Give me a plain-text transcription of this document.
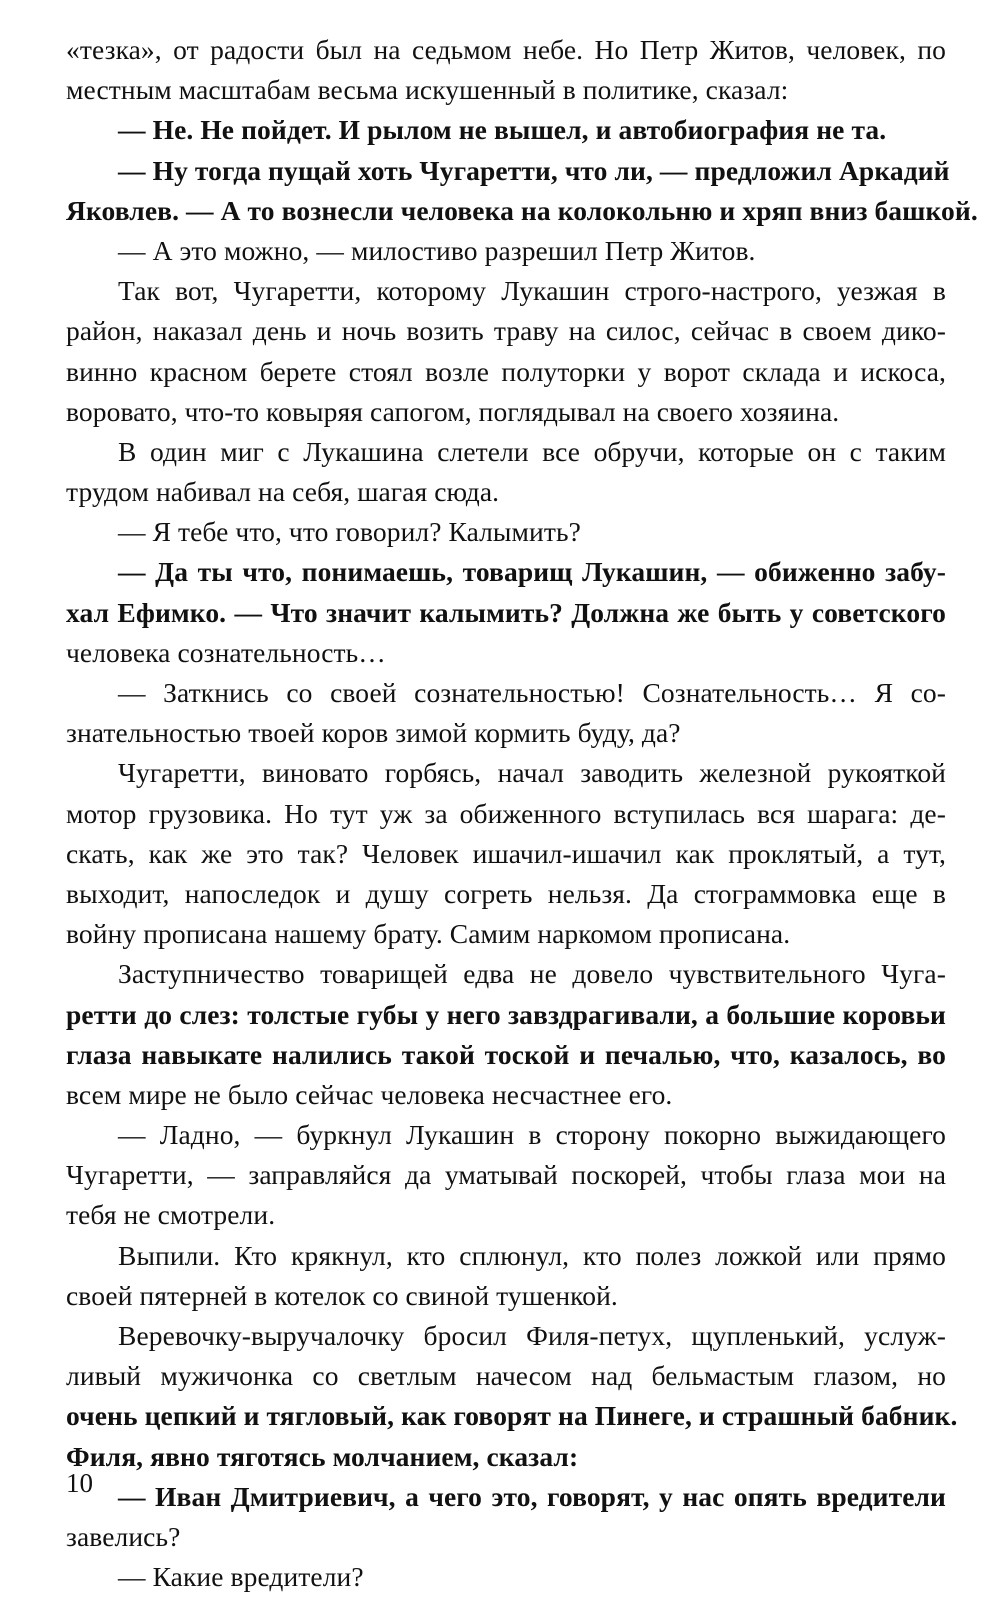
«тезка», от радости был на седьмом небе. Но Петр Житов, человек, по
местным масштабам весьма искушенный в политике, сказал:
— Не. Не пойдет. И рылом не вышел, и автобиография не та.
— Ну тогда пущай хоть Чугаретти, что ли, — предложил Аркадий
Яковлев. — А то вознесли человека на колокольню и хряп вниз башкой.
— А это можно, — милостиво разрешил Петр Житов.
Так вот, Чугаретти, которому Лукашин строго-настрого, уезжая в
район, наказал день и ночь возить траву на силос, сейчас в своем дико-
винно красном берете стоял возле полуторки у ворот склада и искоса,
вороватo, что-то ковыряя сапогом, поглядывал на своего хозяина.
В один миг с Лукашина слетели все обручи, которые он с таким
трудом набивал на себя, шагая сюда.
— Я тебе что, что говорил? Калымить?
— Да ты что, понимаешь, товарищ Лукашин, — обиженно забу-
хал Ефимко. — Что значит калымить? Должна же быть у советского
человека сознательность…
— Заткнись со своей сознательностью! Сознательность… Я со-
знательностью твоей коров зимой кормить буду, да?
Чугаретти, виновато горбясь, начал заводить железной рукояткой
мотор грузовика. Но тут уж за обиженного вступилась вся шарага: де-
скать, как же это так? Человек ишачил-ишачил как проклятый, а тут,
выходит, напоследок и душу согреть нельзя. Да стограммовка еще в
войну прописана нашему брату. Самим наркомом прописана.
Заступничество товарищей едва не довело чувствительного Чуга-
ретти до слез: толстые губы у него завздрагивали, а большие коровьи
глаза навыкате налились такой тоской и печалью, что, казалось, во
всем мире не было сейчас человека несчастнее его.
— Ладно, — буркнул Лукашин в сторону покорно выжидающего
Чугаретти, — заправляйся да уматывай поскорей, чтобы глаза мои на
тебя не смотрели.
Выпили. Кто крякнул, кто сплюнул, кто полез ложкой или прямо
своей пятерней в котелок со свиной тушенкой.
Веревочку-выручалочку бросил Филя-петух, щупленький, услуж-
ливый мужичонка со светлым начесом над бельмастым глазом, но
очень цепкий и тягловый, как говорят на Пинеге, и страшный бабник.
Филя, явно тяготясь молчанием, сказал:
— Иван Дмитриевич, а чего это, говорят, у нас опять вредители
завелись?
— Какие вредители?
10
